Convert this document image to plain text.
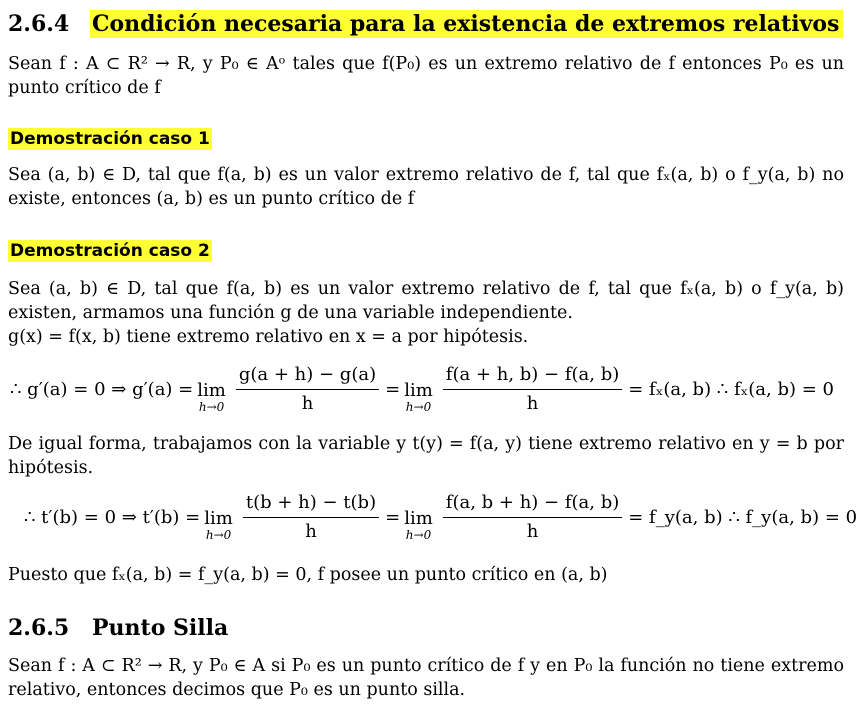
2.6.4 Condición necesaria para la existencia de extremos relativos
Sean f : A ⊂ R² → R, y P₀ ∈ Aᵒ tales que f(P₀) es un extremo relativo de f entonces P₀ es un punto crítico de f
Demostración caso 1
Sea (a, b) ∈ D, tal que f(a, b) es un valor extremo relativo de f, tal que fₓ(a, b) o f_y(a, b) no existe, entonces (a, b) es un punto crítico de f
Demostración caso 2
Sea (a, b) ∈ D, tal que f(a, b) es un valor extremo relativo de f, tal que fₓ(a, b) o f_y(a, b) existen, armamos una función g de una variable independiente.
g(x) = f(x, b) tiene extremo relativo en x = a por hipótesis.
∴ g′(a) = 0 ⇒ g′(a) = lim
$h\to 0 \frac{g(a + h) - g(a)}{h} = \lim$
$h\to 0 \frac{f(a + h, b) - f(a, b)}{h} = f_x(a$, b) ∴ fₓ(a, b) = 0
De igual forma, trabajamos con la variable y t(y) = f(a, y) tiene extremo relativo en y = b por hipótesis.
∴ t′(b) = 0 ⇒ t′(b) = lim
$h\to 0 \frac{t(b + h) - t(b)}{h} = \lim$
$h\to 0 \frac{f(a, b + h) - f(a, b)}{h}$ = f_y(a, b) ∴ f_y(a, b) = 0
Puesto que fₓ(a, b) = f_y(a, b) = 0, f posee un punto crítico en (a, b)
2.6.5 Punto Silla
Sean f : A ⊂ R² → R, y P₀ ∈ A si P₀ es un punto crítico de f y en P₀ la función no tiene extremo relativo, entonces decimos que P₀ es un punto silla.
